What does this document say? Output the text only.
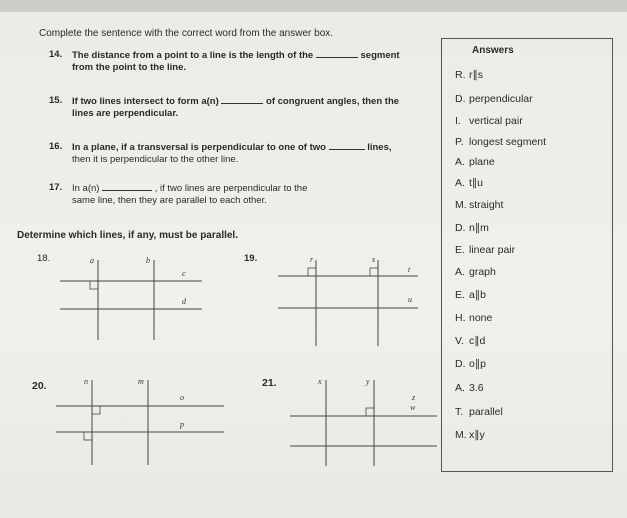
Complete the sentence with the correct word from the answer box.
14. The distance from a point to a line is the length of the	segment
from the point to the line.
15. If two lines intersect to form a(n)	of congruent angles, then the
lines are perpendicular.
16. In a plane, if a transversal is perpendicular to one of two	lines,
then it is perpendicular to the other line.
17. In a(n)	, if two lines are perpendicular to the
same line, then they are parallel to each other.
Determine which lines, if any, must be parallel.
18.	a	b
c
d
19.	r	s
t
u
20.	n	m
o
p
21.	x	y
z
w
Answers
R. r∥s
D. perpendicular
I. vertical pair
P. longest segment
A. plane
A. t∥u
M. straight
D. n∥m
E. linear pair
A. graph
E. a∥b
H. none
V. c∥d
D. o∥p
A. 3.6
T. parallel
M. x∥y
